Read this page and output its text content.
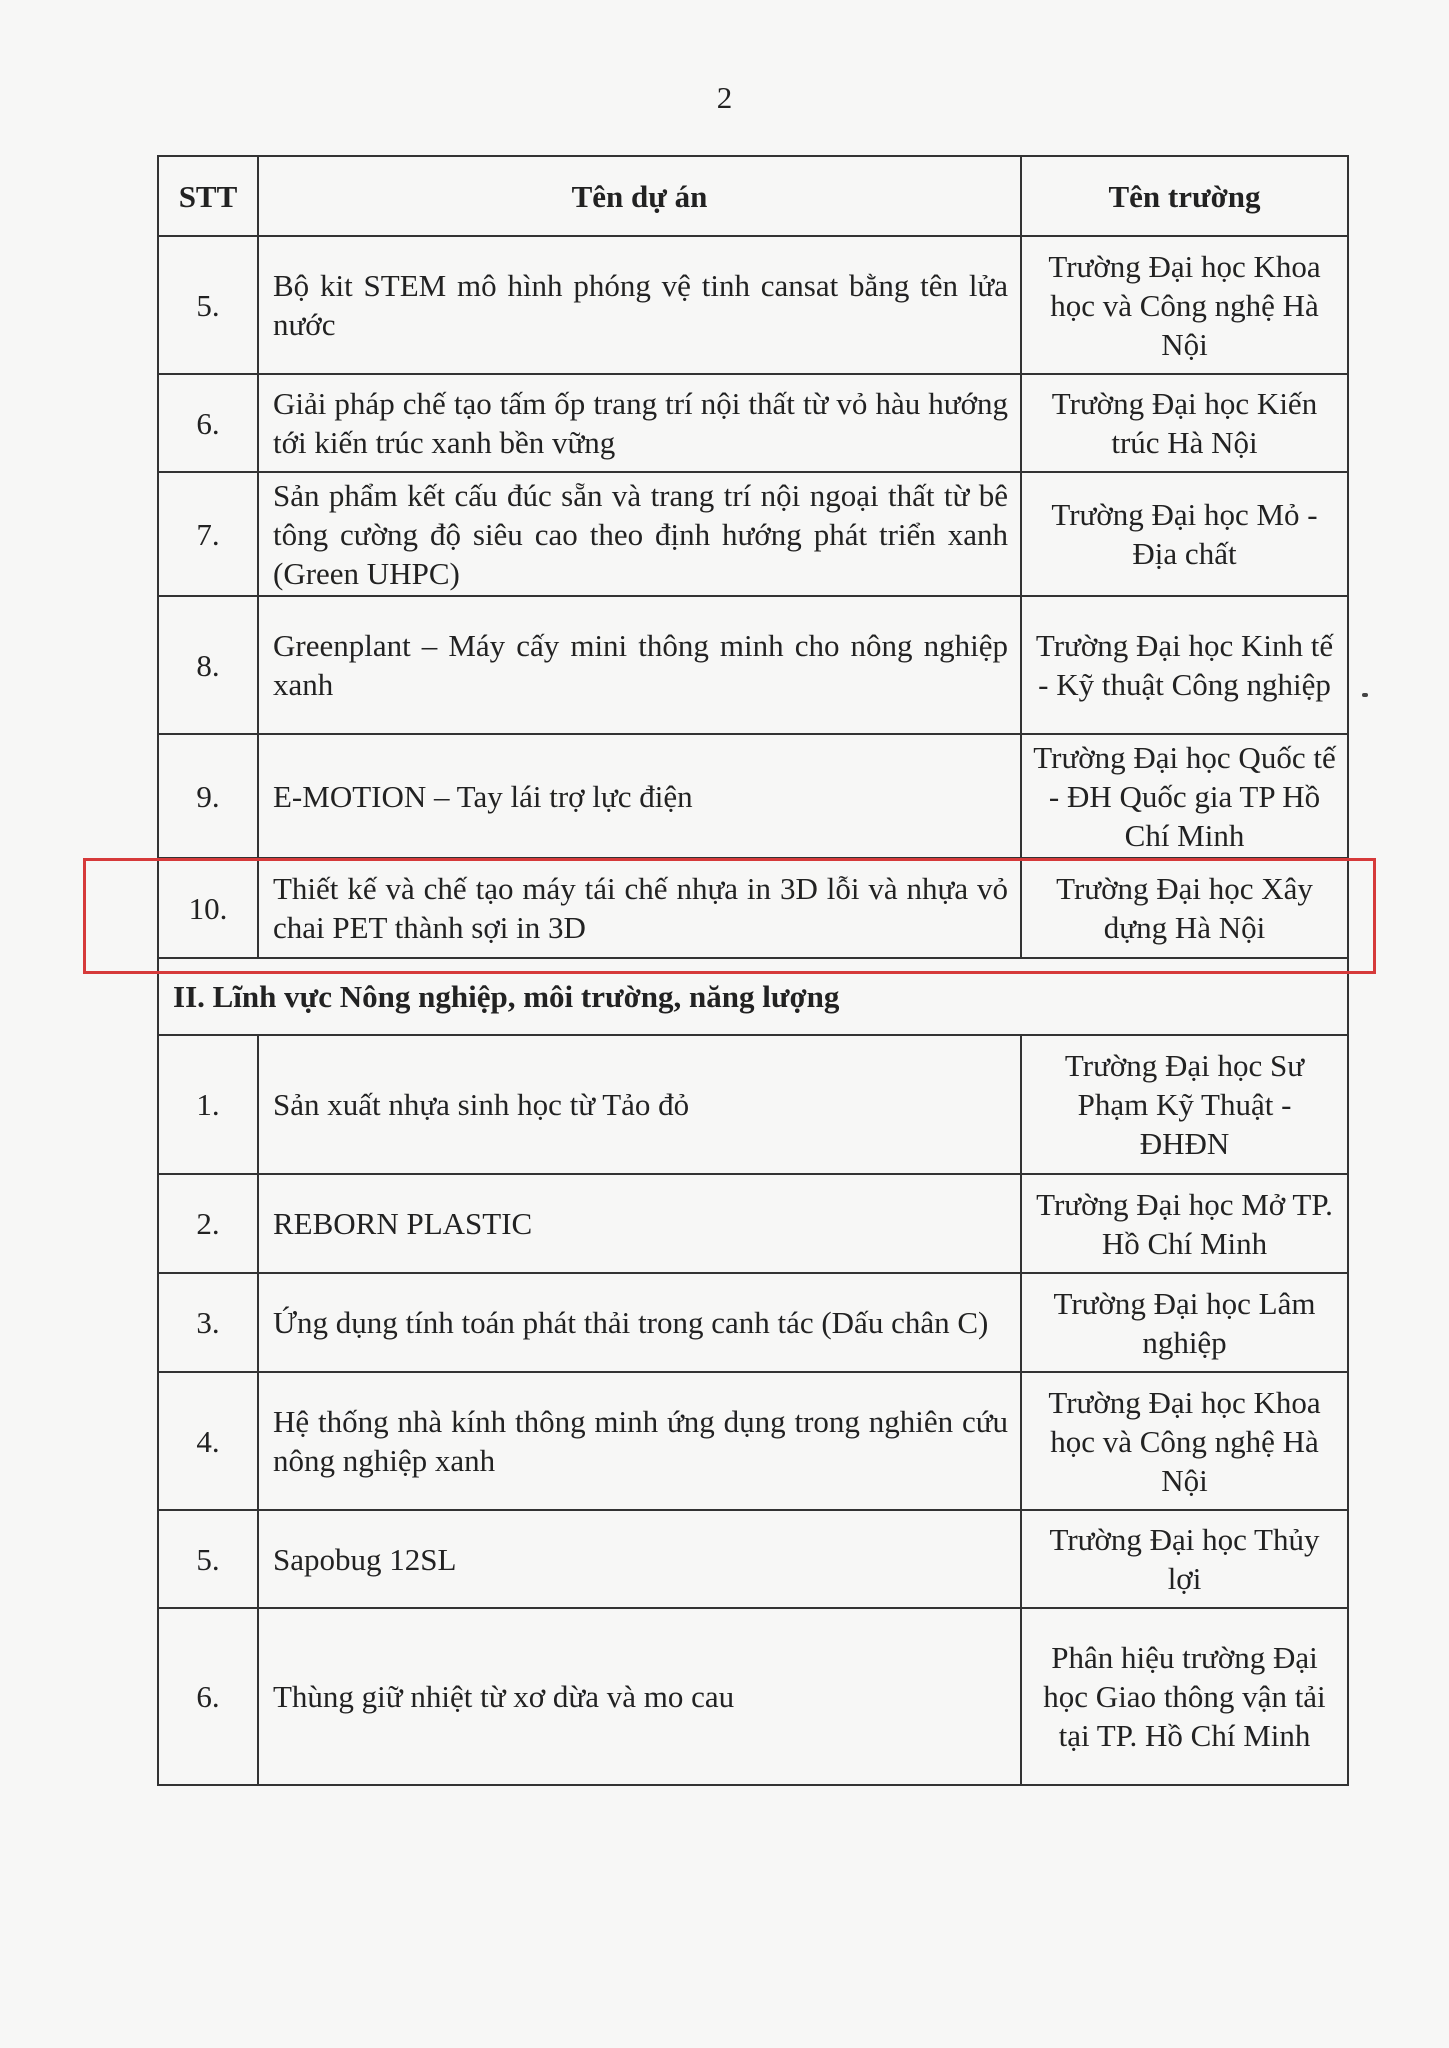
2
STT	Tên dự án	Tên trường
5.	Bộ kit STEM mô hình phóng vệ tinh cansat bằng tên lửa nước	Trường Đại học Khoa học và Công nghệ Hà Nội
6.	Giải pháp chế tạo tấm ốp trang trí nội thất từ vỏ hàu hướng tới kiến trúc xanh bền vững	Trường Đại học Kiến trúc Hà Nội
7.	Sản phẩm kết cấu đúc sẵn và trang trí nội ngoại thất từ bê tông cường độ siêu cao theo định hướng phát triển xanh (Green UHPC)	Trường Đại học Mỏ - Địa chất
8.	Greenplant – Máy cấy mini thông minh cho nông nghiệp xanh	Trường Đại học Kinh tế - Kỹ thuật Công nghiệp
9.	E-MOTION – Tay lái trợ lực điện	Trường Đại học Quốc tế - ĐH Quốc gia TP Hồ Chí Minh
10.	Thiết kế và chế tạo máy tái chế nhựa in 3D lỗi và nhựa vỏ chai PET thành sợi in 3D	Trường Đại học Xây dựng Hà Nội
II. Lĩnh vực Nông nghiệp, môi trường, năng lượng		
1.	Sản xuất nhựa sinh học từ Tảo đỏ	Trường Đại học Sư Phạm Kỹ Thuật - ĐHĐN
2.	REBORN PLASTIC	Trường Đại học Mở TP. Hồ Chí Minh
3.	Ứng dụng tính toán phát thải trong canh tác (Dấu chân C)	Trường Đại học Lâm nghiệp
4.	Hệ thống nhà kính thông minh ứng dụng trong nghiên cứu nông nghiệp xanh	Trường Đại học Khoa học và Công nghệ Hà Nội
5.	Sapobug 12SL	Trường Đại học Thủy lợi
6.	Thùng giữ nhiệt từ xơ dừa và mo cau	Phân hiệu trường Đại học Giao thông vận tải tại TP. Hồ Chí Minh
